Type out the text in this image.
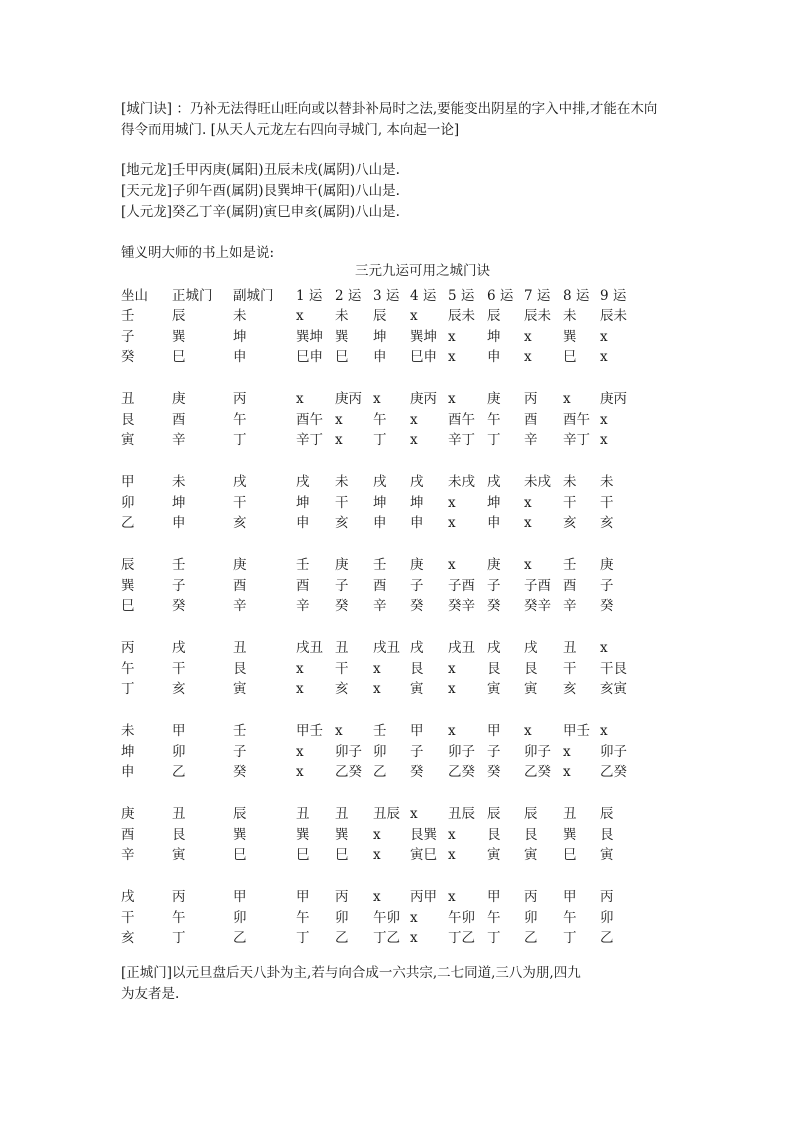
[城门诀] ：乃补无法得旺山旺向或以替卦补局时之法,要能变出阴星的字入中排,才能在木向
得令而用城门. [从天人元龙左右四向寻城门, 本向起一论]
[地元龙]壬甲丙庚(属阳)丑辰未戌(属阴)八山是.
[天元龙]子卯午酉(属阴)艮巽坤干(属阳)八山是.
[人元龙]癸乙丁辛(属阴)寅巳申亥(属阴)八山是.
锺义明大师的书上如是说:
三元九运可用之城门诀
坐山 正城门 副城门 1 运 2 运 3 运 4 运 5 运 6 运 7 运 8 运 9 运
壬	辰	未	x 未 辰 x 辰未 辰 辰未 未 辰未
子	巽	坤	巽坤 巽 坤 巽坤 x 坤 x 巽 x
癸	巳	申	巳申 巳 申 巳申 x 申 x 巳 x
丑	庚	丙	x 庚丙 x 庚丙 x 庚 丙 x 庚丙
艮	酉	午	酉午 x 午 x 酉午 午 酉 酉午 x
寅	辛	丁	辛丁 x 丁 x 辛丁 丁 辛 辛丁 x
甲	未	戌	戌 未 戌 戌 未戌 戌 未戌 未 未
卯	坤	干	坤 干 坤 坤 x 坤 x 干 干
乙	申	亥	申 亥 申 申 x 申 x 亥 亥
辰	壬	庚	壬 庚 壬 庚 x 庚 x 壬 庚
巽	子	酉	酉 子 酉 子 子酉 子 子酉 酉 子
巳	癸	辛	辛 癸 辛 癸 癸辛 癸 癸辛 辛 癸
丙	戌	丑	戌丑 丑 戌丑 戌 戌丑 戌 戌 丑 x
午	干	艮	x 干 x 艮 x 艮 艮 干 干艮
丁	亥	寅	x 亥 x 寅 x 寅 寅 亥 亥寅
未	甲	壬	甲壬 x 壬 甲 x 甲 x 甲壬 x
坤	卯	子	x 卯子 卯 子 卯子 子 卯子 x 卯子
申	乙	癸	x 乙癸 乙 癸 乙癸 癸 乙癸 x 乙癸
庚	丑	辰	丑 丑 丑辰 x 丑辰 辰 辰 丑 辰
酉	艮	巽	巽 巽 x 艮巽 x 艮 艮 巽 艮
辛	寅	巳	巳 巳 x 寅巳 x 寅 寅 巳 寅
戌	丙	甲	甲 丙 x 丙甲 x 甲 丙 甲 丙
干	午	卯	午 卯 午卯 x 午卯 午 卯 午 卯
亥	丁	乙	丁 乙 丁乙 x 丁乙 丁 乙 丁 乙
[正城门]以元旦盘后天八卦为主,若与向合成一六共宗,二七同道,三八为朋,四九
为友者是.
